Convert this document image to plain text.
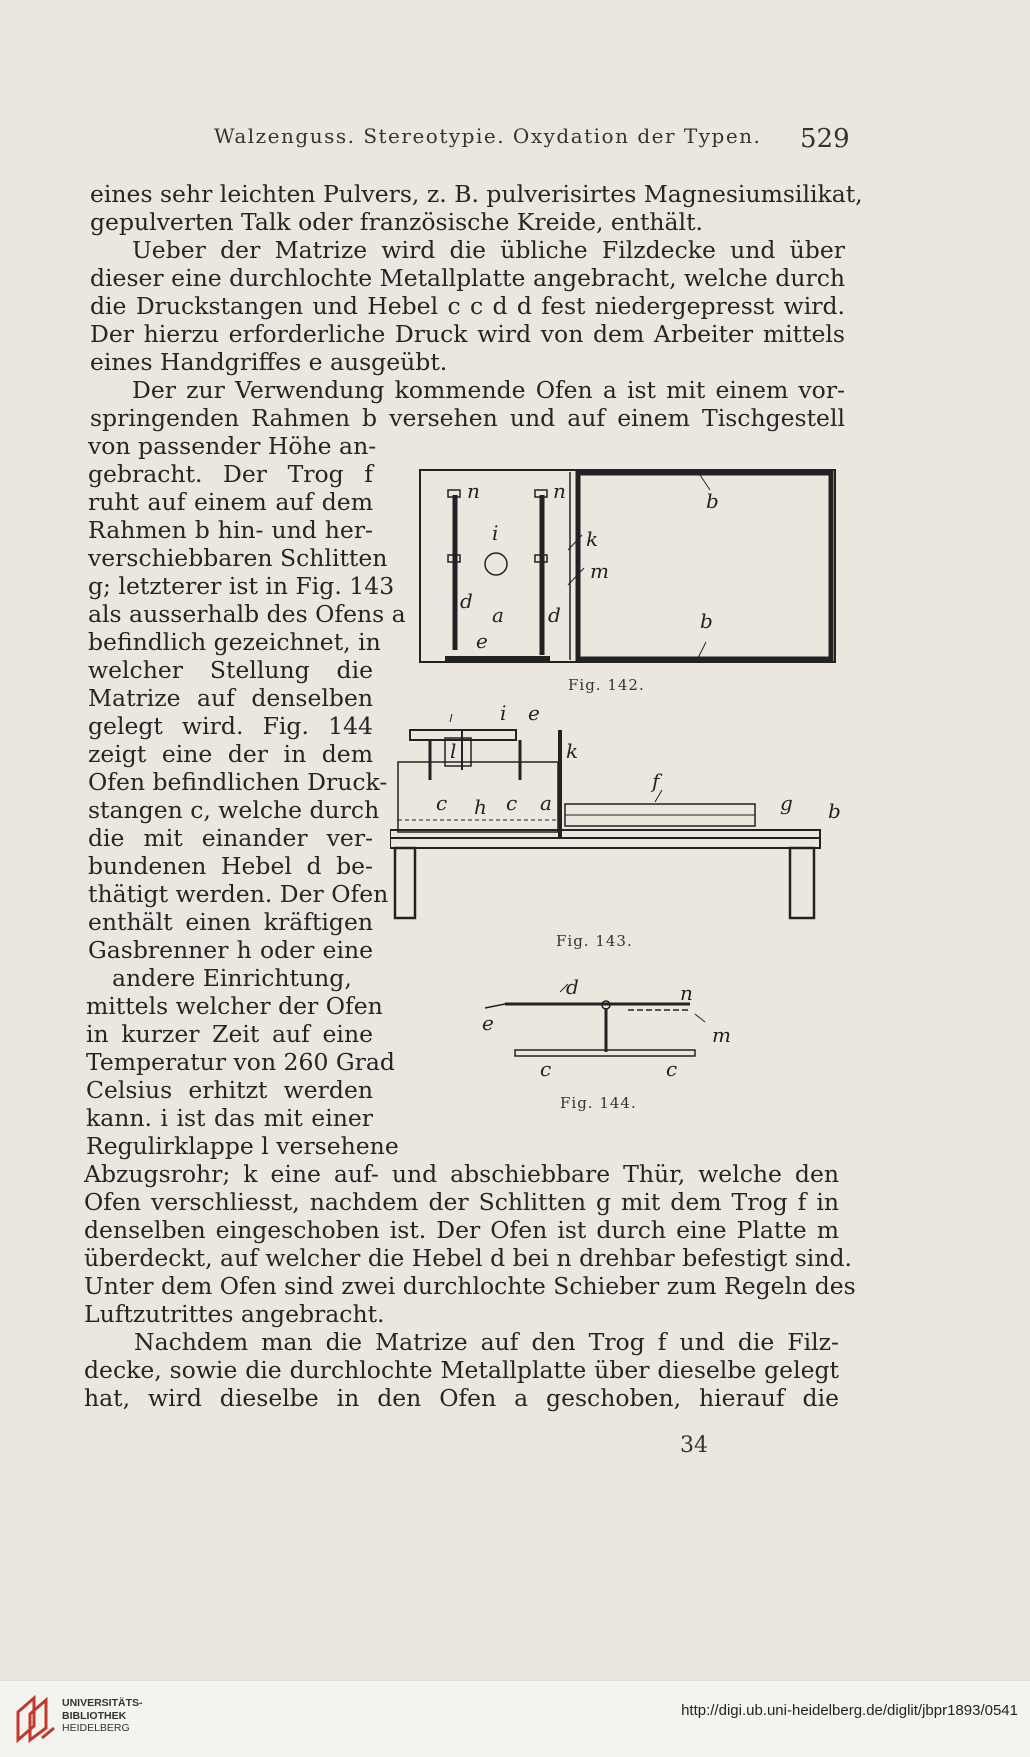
Walzenguss. Stereotypie. Oxydation der Typen. 529
eines sehr leichten Pulvers, z. B. pulverisirtes Magnesiumsilikat,
gepulverten Talk oder französische Kreide, enthält.
Ueber der Matrize wird die übliche Filzdecke und über
dieser eine durchlochte Metallplatte angebracht, welche durch
die Druckstangen und Hebel c c d d fest niedergepresst wird.
Der hierzu erforderliche Druck wird von dem Arbeiter mittels
eines Handgriffes e ausgeübt.
Der zur Verwendung kommende Ofen a ist mit einem vor-
springenden Rahmen b versehen und auf einem Tischgestell
von passender Höhe an-
gebracht. Der Trog f
ruht auf einem auf dem
Rahmen b hin- und her-
verschiebbaren Schlitten
g; letzterer ist in Fig. 143
als ausserhalb des Ofens a
befindlich gezeichnet, in
welcher Stellung die
Matrize auf denselben
gelegt wird. Fig. 144
zeigt eine der in dem
Ofen befindlichen Druck-
stangen c, welche durch
die mit einander ver-
bundenen Hebel d be-
thätigt werden. Der Ofen
enthält einen kräftigen
Gasbrenner h oder eine
andere Einrichtung,
mittels welcher der Ofen
in kurzer Zeit auf eine
Temperatur von 260 Grad
Celsius erhitzt werden
kann. i ist das mit einer
Regulirklappe l versehene
Abzugsrohr; k eine auf- und abschiebbare Thür, welche den
Ofen verschliesst, nachdem der Schlitten g mit dem Trog f in
denselben eingeschoben ist. Der Ofen ist durch eine Platte m
überdeckt, auf welcher die Hebel d bei n drehbar befestigt sind.
Unter dem Ofen sind zwei durchlochte Schieber zum Regeln des
Luftzutrittes angebracht.
Nachdem man die Matrize auf den Trog f und die Filz-
decke, sowie die durchlochte Metallplatte über dieselbe gelegt
hat, wird dieselbe in den Ofen a geschoben, hierauf die
34
n	n	b
i	k
m
d
a d	b
e
Fig. 142.
i e
l	k
f
g b
c h c a
Fig. 143.
d	n
e	m
c	c
Fig. 144.
UNIVERSITÄTS-
BIBLIOTHEK
HEIDELBERG
http://digi.ub.uni-heidelberg.de/diglit/jbpr1893/0541
